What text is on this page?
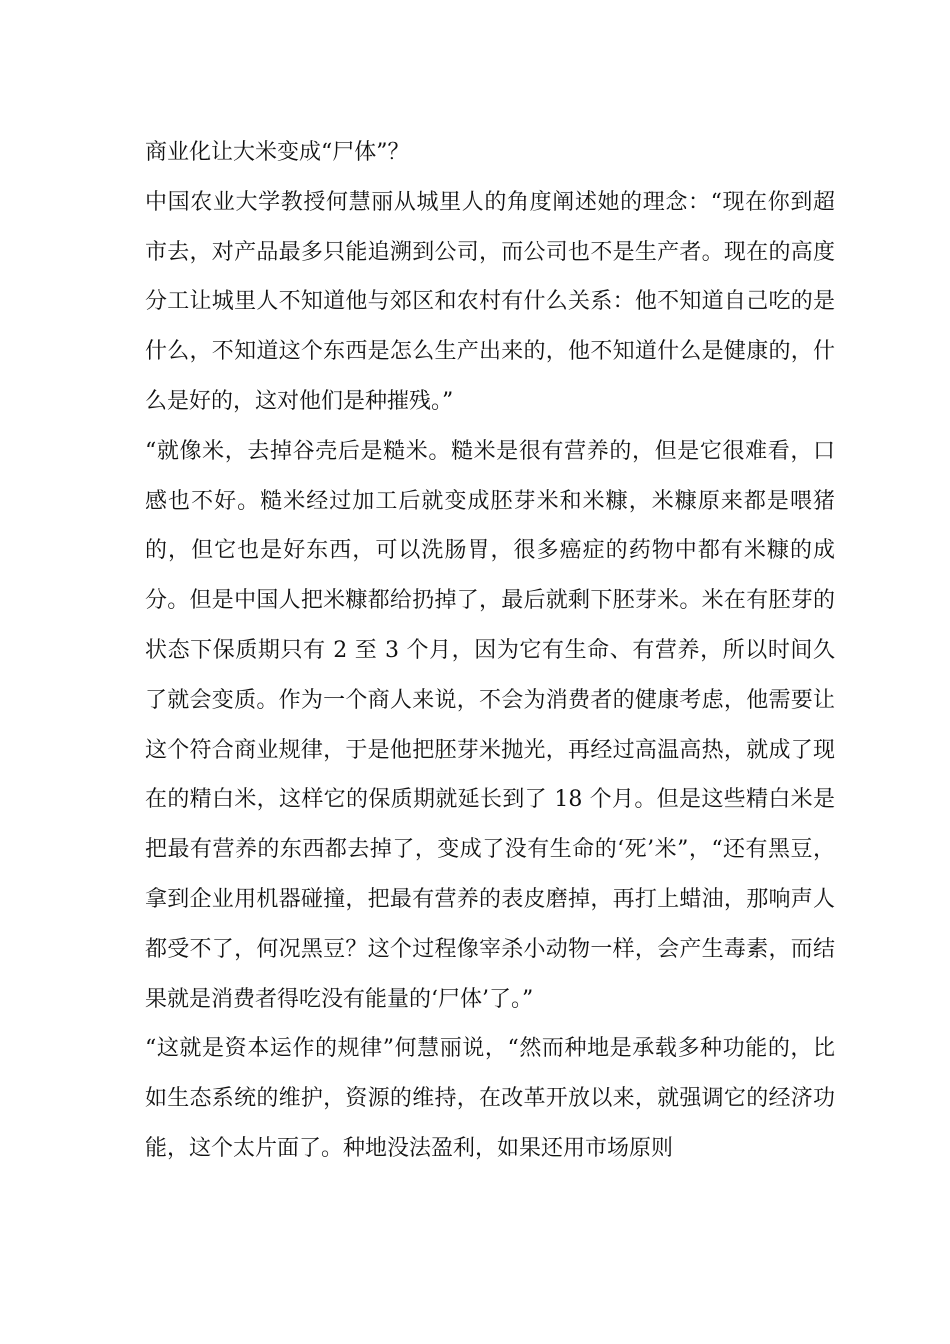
商业化让大米变成“尸体”？

中国农业大学教授何慧丽从城里人的角度阐述她的理念：“现在你到超市去，对产品最多只能追溯到公司，而公司也不是生产者。现在的高度分工让城里人不知道他与郊区和农村有什么关系：他不知道自己吃的是什么，不知道这个东西是怎么生产出来的，他不知道什么是健康的，什么是好的，这对他们是种摧残。”

“就像米，去掉谷壳后是糙米。糙米是很有营养的，但是它很难看，口感也不好。糙米经过加工后就变成胚芽米和米糠，米糠原来都是喂猪的，但它也是好东西，可以洗肠胃，很多癌症的药物中都有米糠的成分。但是中国人把米糠都给扔掉了，最后就剩下胚芽米。米在有胚芽的状态下保质期只有 2 至 3 个月，因为它有生命、有营养，所以时间久了就会变质。作为一个商人来说，不会为消费者的健康考虑，他需要让这个符合商业规律，于是他把胚芽米抛光，再经过高温高热，就成了现在的精白米，这样它的保质期就延长到了 18 个月。但是这些精白米是把最有营养的东西都去掉了，变成了没有生命的‘死’米”，“还有黑豆，拿到企业用机器碰撞，把最有营养的表皮磨掉，再打上蜡油，那响声人都受不了，何况黑豆？这个过程像宰杀小动物一样，会产生毒素，而结果就是消费者得吃没有能量的‘尸体’了。”

“这就是资本运作的规律”何慧丽说，“然而种地是承载多种功能的，比如生态系统的维护，资源的维持，在改革开放以来，就强调它的经济功能，这个太片面了。种地没法盈利，如果还用市场原则
